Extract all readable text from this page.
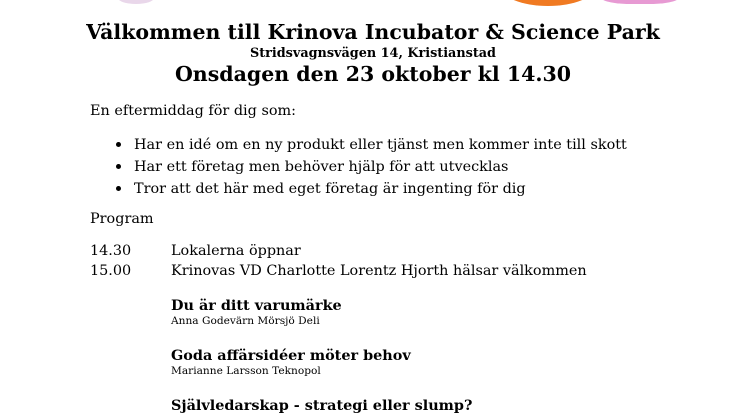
Välkommen till Krinova Incubator & Science Park
Stridsvagnsvägen 14, Kristianstad
Onsdagen den 23 oktober kl 14.30
En eftermiddag för dig som:
Har en idé om en ny produkt eller tjänst men kommer inte till skott
Har ett företag men behöver hjälp för att utvecklas
Tror att det här med eget företag är ingenting för dig
Program
14.30	Lokalerna öppnar
15.00	Krinovas VD Charlotte Lorentz Hjorth hälsar välkommen
Du är ditt varumärke
Anna Godevärn Mörsjö Deli
Goda affärsidéer möter behov
Marianne Larsson Teknopol
Självledarskap - strategi eller slump?
